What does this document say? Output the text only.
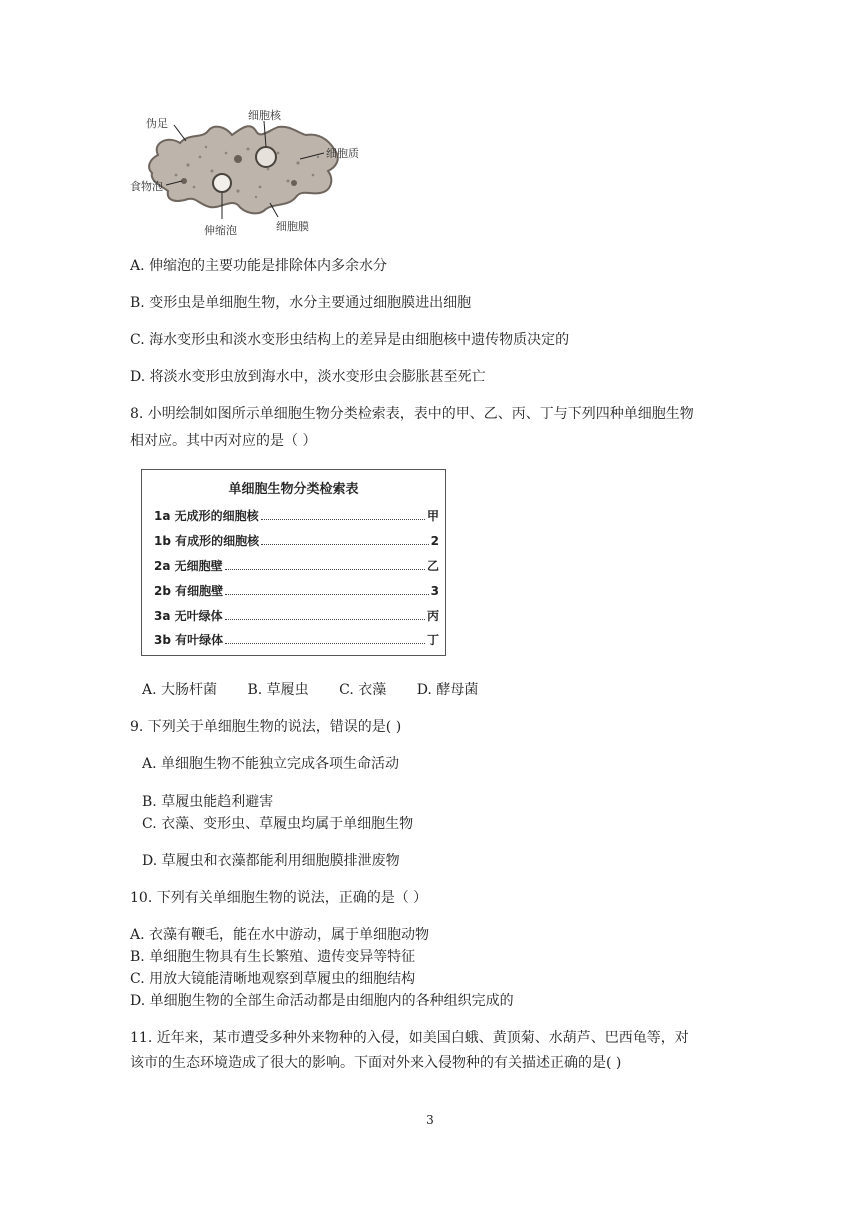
伪足
细胞核
细胞质
食物泡
伸缩泡	细胞膜
A. 伸缩泡的主要功能是排除体内多余水分
B. 变形虫是单细胞生物，水分主要通过细胞膜进出细胞
C. 海水变形虫和淡水变形虫结构上的差异是由细胞核中遗传物质决定的
D. 将淡水变形虫放到海水中，淡水变形虫会膨胀甚至死亡
8. 小明绘制如图所示单细胞生物分类检索表，表中的甲、乙、丙、丁与下列四种单细胞生物
相对应。其中丙对应的是（ ）
单细胞生物分类检索表
1a 无成形的细胞核	甲
1b 有成形的细胞核	2
2a 无细胞壁	乙
2b 有细胞壁	3
3a 无叶绿体	丙
3b 有叶绿体	丁
A. 大肠杆菌 B. 草履虫 C. 衣藻 D. 酵母菌
9. 下列关于单细胞生物的说法，错误的是( )
A. 单细胞生物不能独立完成各项生命活动
B. 草履虫能趋利避害
C. 衣藻、变形虫、草履虫均属于单细胞生物
D. 草履虫和衣藻都能利用细胞膜排泄废物
10. 下列有关单细胞生物的说法，正确的是（ ）
A. 衣藻有鞭毛，能在水中游动，属于单细胞动物
B. 单细胞生物具有生长繁殖、遗传变异等特征
C. 用放大镜能清晰地观察到草履虫的细胞结构
D. 单细胞生物的全部生命活动都是由细胞内的各种组织完成的
11. 近年来，某市遭受多种外来物种的入侵，如美国白蛾、黄顶菊、水葫芦、巴西龟等，对
该市的生态环境造成了很大的影响。下面对外来入侵物种的有关描述正确的是( )
3
